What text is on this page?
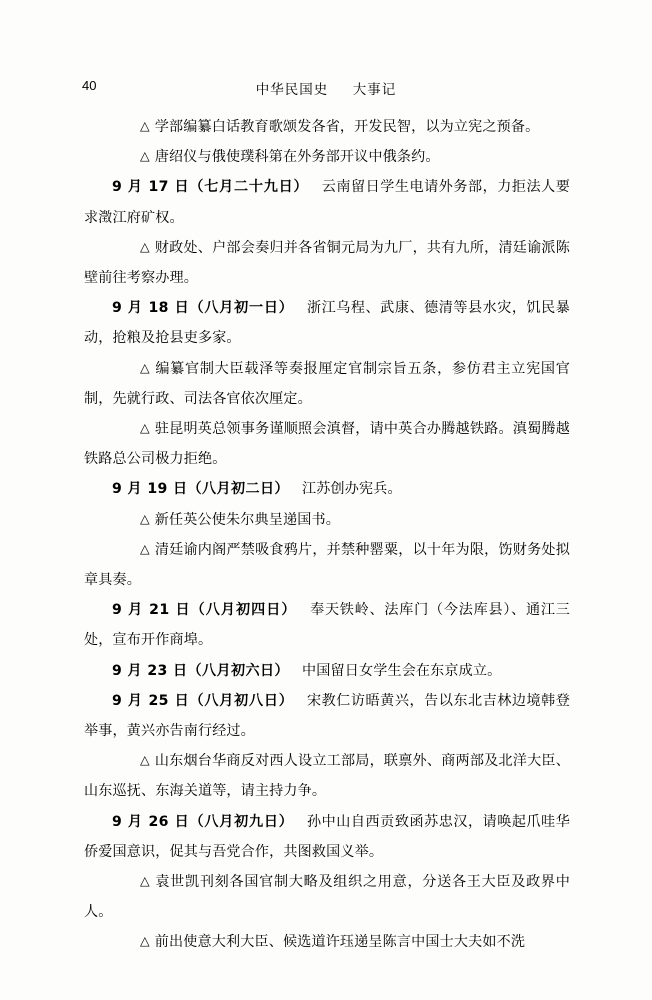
40	中华民国史 大事记
△ 学部编纂白话教育歌颂发各省，开发民智，以为立宪之预备。
△ 唐绍仪与俄使璞科第在外务部开议中俄条约。
9 月 17 日（七月二十九日） 云南留日学生电请外务部，力拒法人要求澂江府矿权。
△ 财政处、户部会奏归并各省铜元局为九厂，共有九所，清廷谕派陈壁前往考察办理。
9 月 18 日（八月初一日） 浙江乌程、武康、德清等县水灾，饥民暴动，抢粮及抢县吏多家。
△ 编纂官制大臣载泽等奏报厘定官制宗旨五条，参仿君主立宪国官制，先就行政、司法各官依次厘定。
△ 驻昆明英总领事务谨顺照会滇督，请中英合办腾越铁路。滇蜀腾越铁路总公司极力拒绝。
9 月 19 日（八月初二日） 江苏创办宪兵。
△ 新任英公使朱尔典呈递国书。
△ 清廷谕内阁严禁吸食鸦片，并禁种罂粟，以十年为限，饬财务处拟章具奏。
9 月 21 日（八月初四日） 奉天铁岭、法库门（今法库县）、通江三处，宣布开作商埠。
9 月 23 日（八月初六日） 中国留日女学生会在东京成立。
9 月 25 日（八月初八日） 宋教仁访晤黄兴，告以东北吉林边境韩登举事，黄兴亦告南行经过。
△ 山东烟台华商反对西人设立工部局，联禀外、商两部及北洋大臣、山东巡抚、东海关道等，请主持力争。
9 月 26 日（八月初九日） 孙中山自西贡致函苏忠汉，请唤起爪哇华侨爱国意识，促其与吾党合作，共图救国义举。
△ 袁世凯刊刻各国官制大略及组织之用意，分送各王大臣及政界中人。
△ 前出使意大利大臣、候选道许珏递呈陈言中国士大夫如不洗
